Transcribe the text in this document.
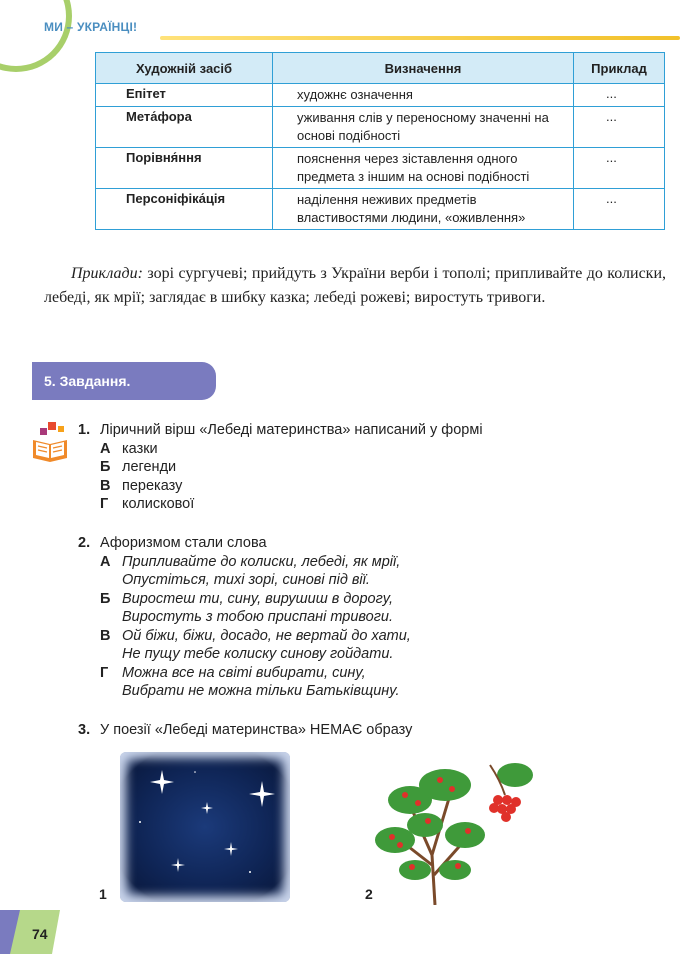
МИ – УКРАЇНЦІ!
Художній засіб	Визначення	Приклад
Епітет	художнє означення	...
Мета́фора	уживання слів у переносному значенні на основі подібності	...
Порівня́ння	пояснення через зіставлення одного предмета з іншим на основі подібності	...
Персоніфіка́ція	наділення неживих предметів властивостями людини, «оживлення»	...
Приклади: зорі сургучеві; прийдуть з України верби і тополі; припливайте до колиски, лебеді, як мрії; заглядає в шибку казка; лебеді рожеві; виростуть тривоги.
5. Завдання.
1. Ліричний вірш «Лебеді материнства» написаний у формі
А казки
Б легенди
В переказу
Г колискової
2. Афоризмом стали слова
А Припливайте до колиски, лебеді, як мрії,
Опустіться, тихі зорі, синові під вії.
Б Виростеш ти, сину, вирушиш в дорогу,
Виростуть з тобою приспані тривоги.
В Ой біжи, біжи, досадо, не вертай до хати,
Не пущу тебе колиску синову гойдати.
Г Можна все на світі вибирати, сину,
Вибрати не можна тільки Батьківщину.
3. У поезії «Лебеді материнства» НЕМАЄ образу
1	2
74
